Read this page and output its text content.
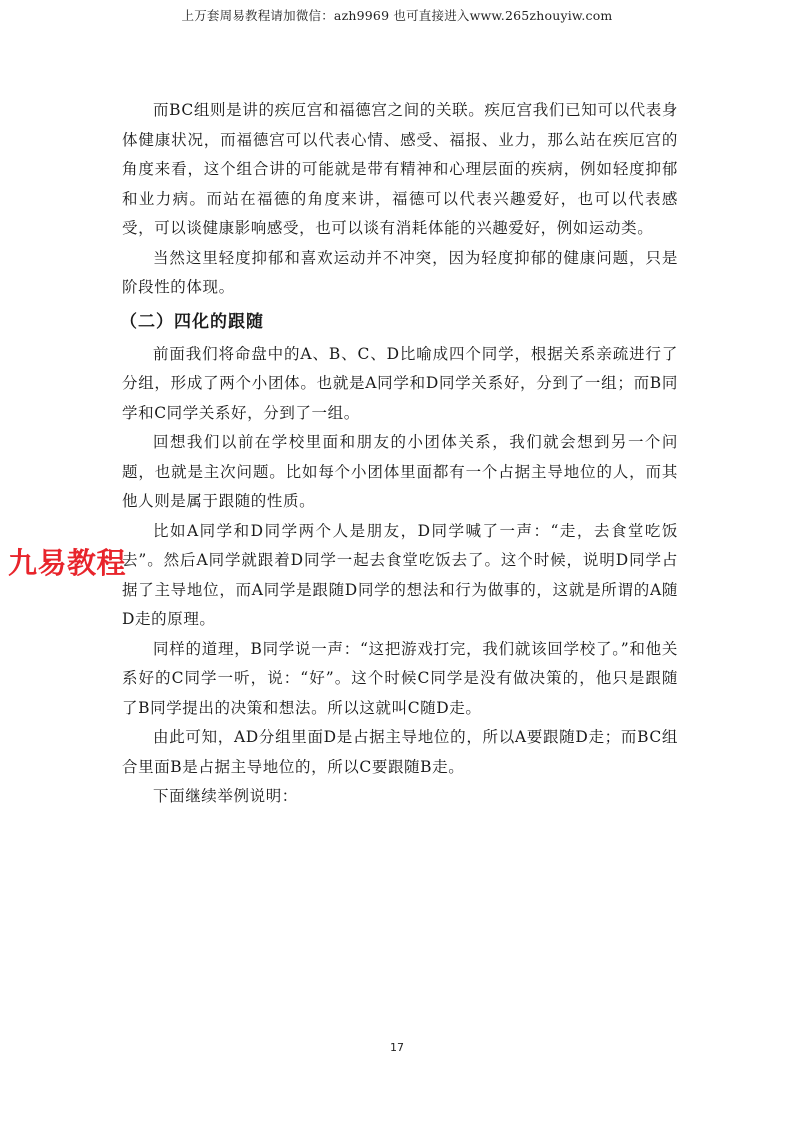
上万套周易教程请加微信：azh9969 也可直接进入www.265zhouyiw.com

而BC组则是讲的疾厄宫和福德宫之间的关联。疾厄宫我们已知可以代表身体健康状况，而福德宫可以代表心情、感受、福报、业力，那么站在疾厄宫的角度来看，这个组合讲的可能就是带有精神和心理层面的疾病，例如轻度抑郁和业力病。而站在福德的角度来讲，福德可以代表兴趣爱好，也可以代表感受，可以谈健康影响感受，也可以谈有消耗体能的兴趣爱好，例如运动类。

当然这里轻度抑郁和喜欢运动并不冲突，因为轻度抑郁的健康问题，只是阶段性的体现。

（二）四化的跟随

前面我们将命盘中的A、B、C、D比喻成四个同学，根据关系亲疏进行了分组，形成了两个小团体。也就是A同学和D同学关系好，分到了一组；而B同学和C同学关系好，分到了一组。

回想我们以前在学校里面和朋友的小团体关系，我们就会想到另一个问题，也就是主次问题。比如每个小团体里面都有一个占据主导地位的人，而其他人则是属于跟随的性质。

比如A同学和D同学两个人是朋友，D同学喊了一声：“走，去食堂吃饭去”。然后A同学就跟着D同学一起去食堂吃饭去了。这个时候，说明D同学占据了主导地位，而A同学是跟随D同学的想法和行为做事的，这就是所谓的A随D走的原理。

同样的道理，B同学说一声：“这把游戏打完，我们就该回学校了。”和他关系好的C同学一听，说：“好”。这个时候C同学是没有做决策的，他只是跟随了B同学提出的决策和想法。所以这就叫C随D走。

由此可知，AD分组里面D是占据主导地位的，所以A要跟随D走；而BC组合里面B是占据主导地位的，所以C要跟随B走。

下面继续举例说明：

九易教程
17
